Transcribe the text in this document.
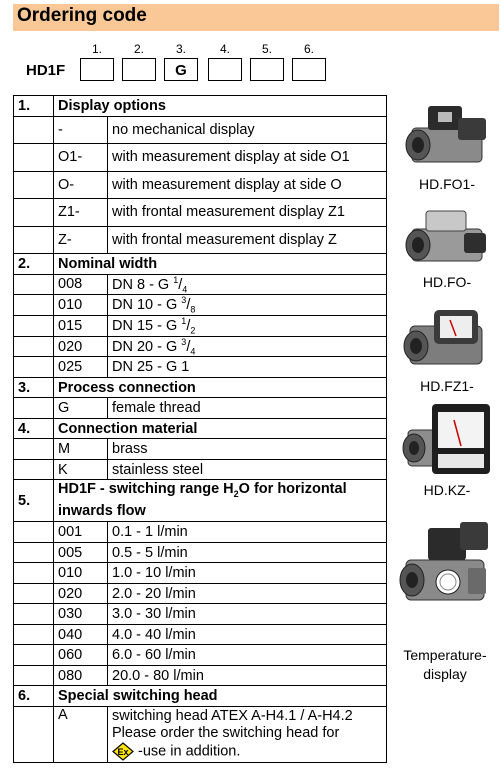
Ordering code
1.	2.	3.	4.	5.	6.
HD1F	G
1.	Display options	
	-	no mechanical display
	O1-	with measurement display at side O1
	O-	with measurement display at side O
	Z1-	with frontal measurement display Z1
	Z-	with frontal measurement display Z
2.	Nominal width	
	008	DN 8 - G $^1/_4$
	010	DN 10 - G $^3/_8$
	015	DN 15 - G $^1/_2$
	020	DN 20 - G $^3/_4$
	025	DN 25 - G 1
3.	Process connection	
	G	female thread
4.	Connection material	
	M	brass
	K	stainless steel
5.	HD1F - switching range $H_2O$ for horizontal inwards flow	
	001	0.1 - 1 l/min
	005	0.5 - 5 l/min
	010	1.0 - 10 l/min
	020	2.0 - 20 l/min
	030	3.0 - 30 l/min
	040	4.0 - 40 l/min
	060	6.0 - 60 l/min
	080	20.0 - 80 l/min
6.	Special switching head	
	A	switching head ATEX A-H4.1 / A-H4.2
Please order the switching head for
Ex -use in addition.
HD.FO1-
HD.FO-
HD.FZ1-
HD.KZ-
Temperature-display
